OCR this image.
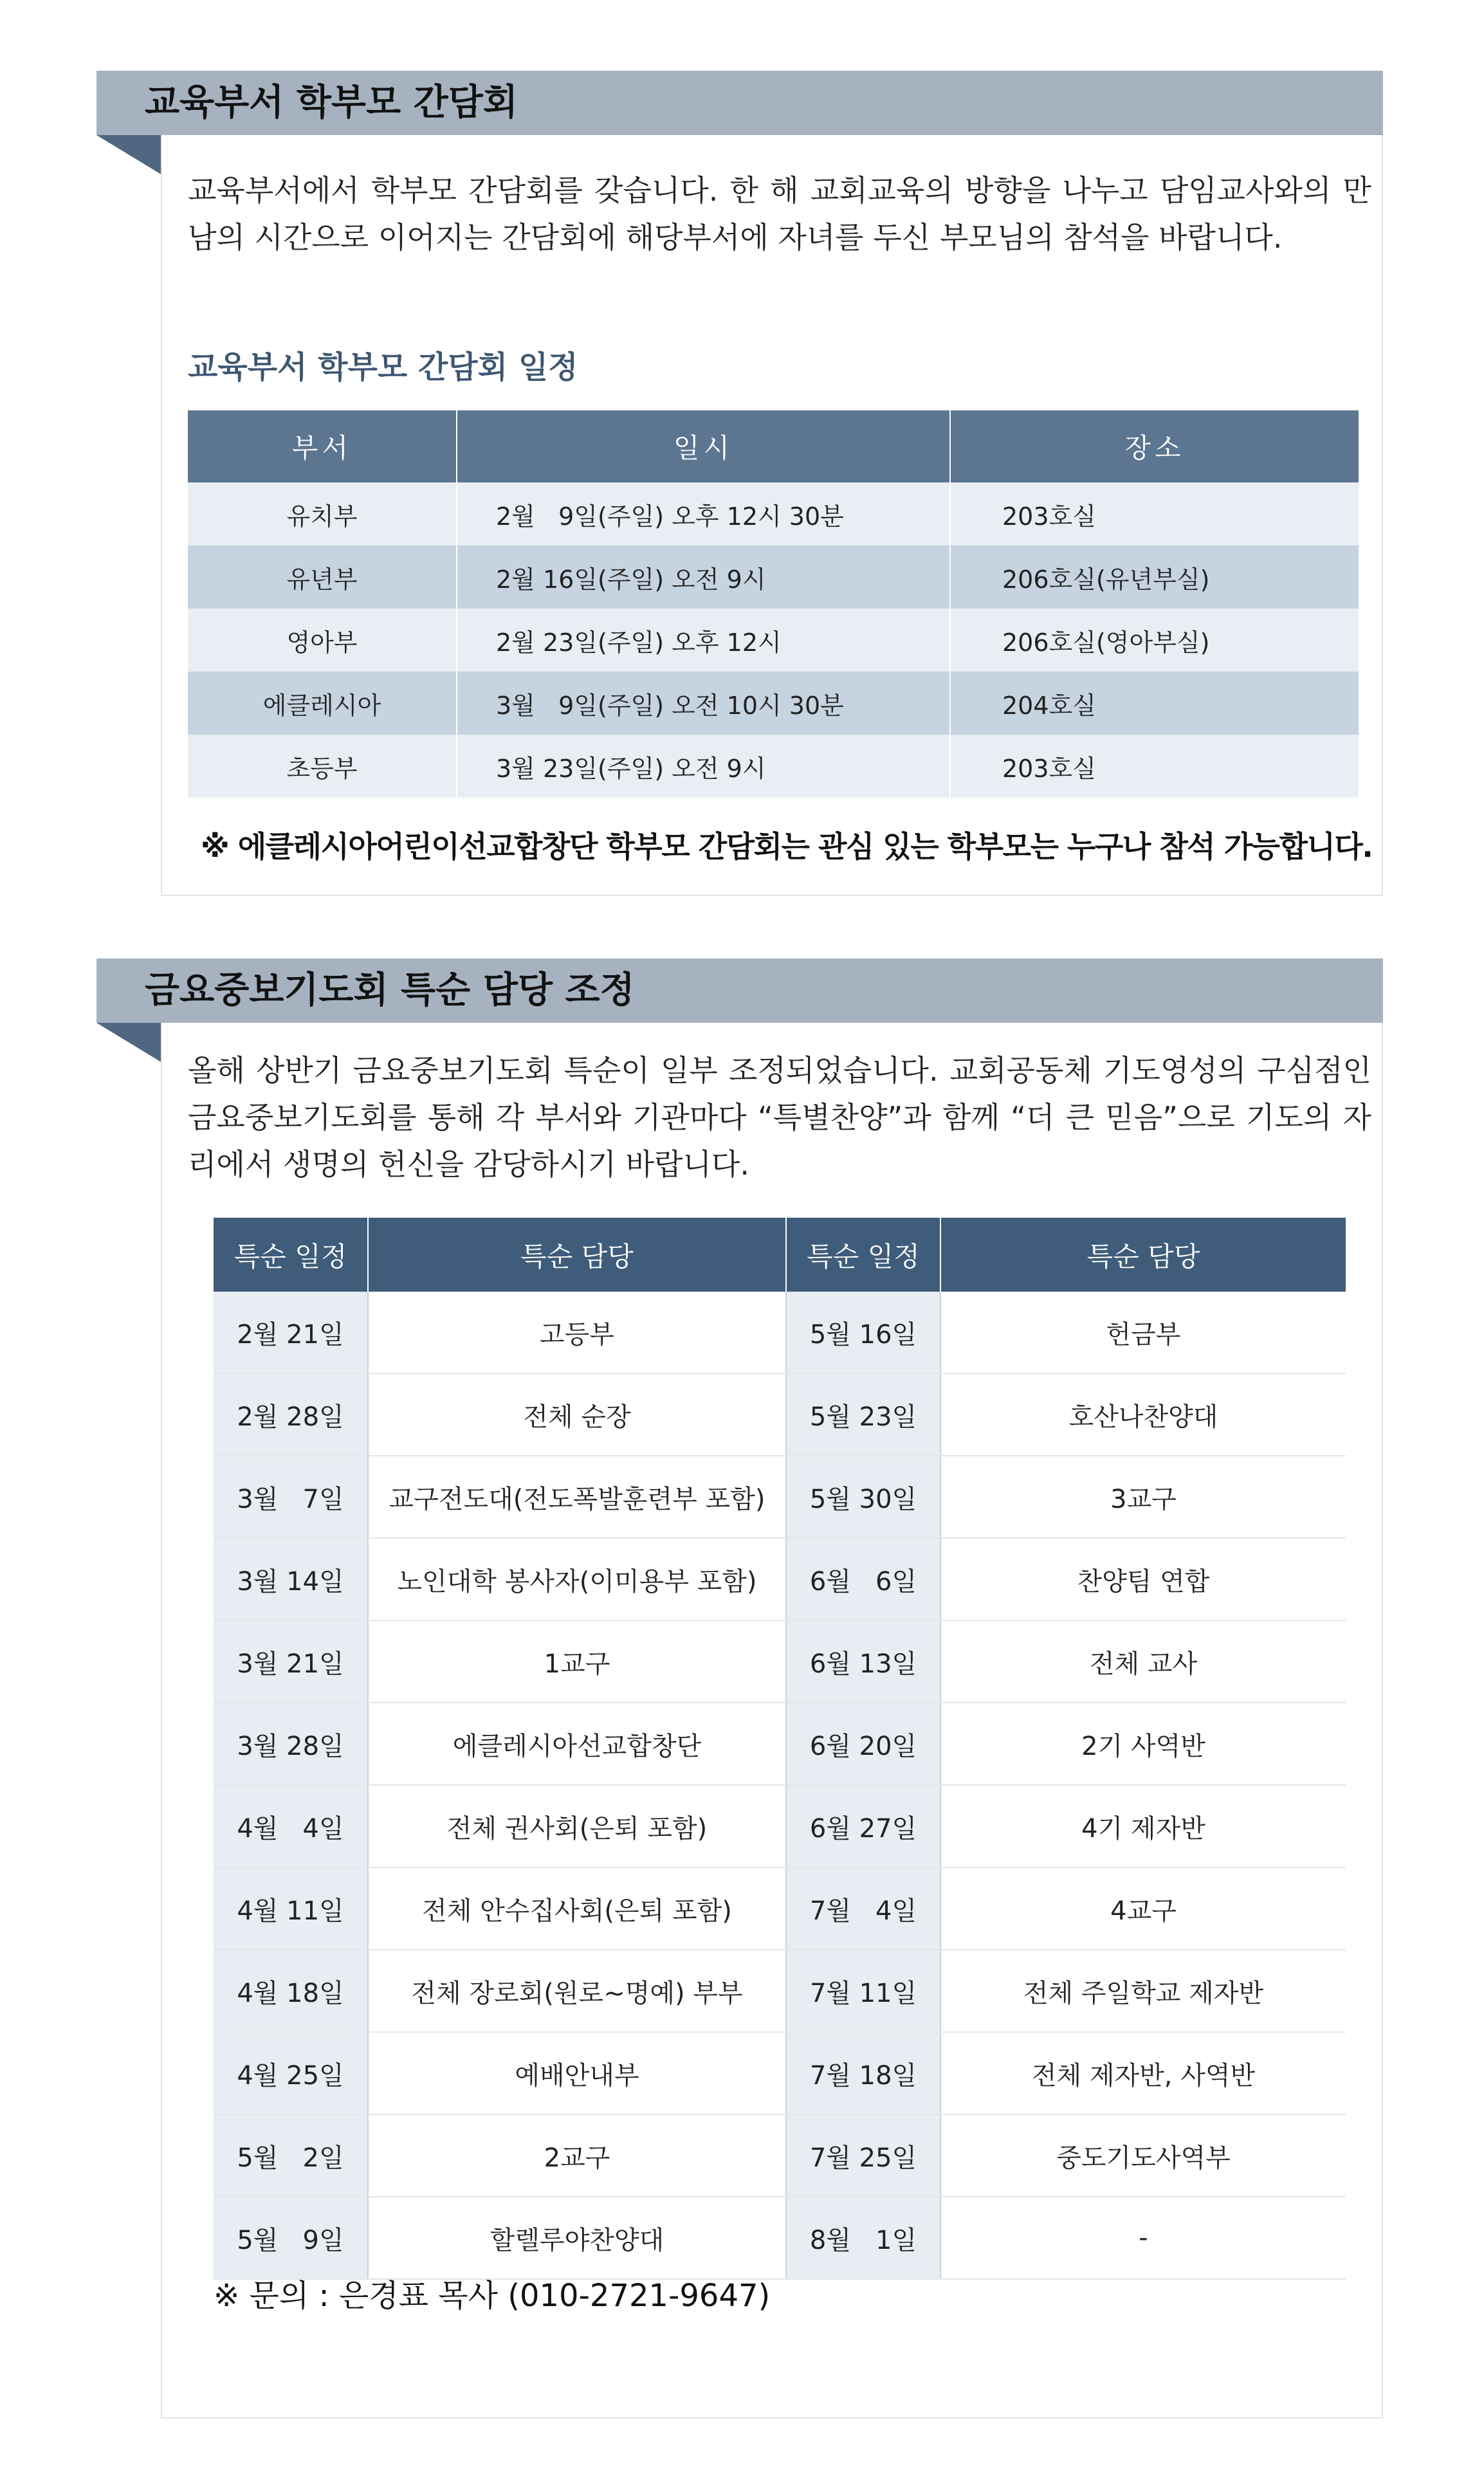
교육부서 학부모 간담회
교육부서에서 학부모 간담회를 갖습니다. 한 해 교회교육의 방향을 나누고 담임교사와의 만남의 시간으로 이어지는 간담회에 해당부서에 자녀를 두신 부모님의 참석을 바랍니다.
교육부서 학부모 간담회 일정
부서	일시	장소
유치부	2월   9일(주일) 오후 12시 30분	203호실
유년부	2월 16일(주일) 오전 9시	206호실(유년부실)
영아부	2월 23일(주일) 오후 12시	206호실(영아부실)
에클레시아	3월   9일(주일) 오전 10시 30분	204호실
초등부	3월 23일(주일) 오전 9시	203호실
※ 에클레시아어린이선교합창단 학부모 간담회는 관심 있는 학부모는 누구나 참석 가능합니다.
금요중보기도회 특순 담당 조정
올해 상반기 금요중보기도회 특순이 일부 조정되었습니다. 교회공동체 기도영성의 구심점인 금요중보기도회를 통해 각 부서와 기관마다 “특별찬양”과 함께 “더 큰 믿음”으로 기도의 자리에서 생명의 헌신을 감당하시기 바랍니다.
특순 일정	특순 담당	특순 일정	특순 담당
2월 21일	고등부	5월 16일	헌금부
2월 28일	전체 순장	5월 23일	호산나찬양대
3월   7일	교구전도대(전도폭발훈련부 포함)	5월 30일	3교구
3월 14일	노인대학 봉사자(이미용부 포함)	6월   6일	찬양팀 연합
3월 21일	1교구	6월 13일	전체 교사
3월 28일	에클레시아선교합창단	6월 20일	2기 사역반
4월   4일	전체 권사회(은퇴 포함)	6월 27일	4기 제자반
4월 11일	전체 안수집사회(은퇴 포함)	7월   4일	4교구
4월 18일	전체 장로회(원로~명예) 부부	7월 11일	전체 주일학교 제자반
4월 25일	예배안내부	7월 18일	전체 제자반, 사역반
5월   2일	2교구	7월 25일	중도기도사역부
5월   9일	할렐루야찬양대	8월   1일	-
※ 문의 : 은경표 목사 (010-2721-9647)
